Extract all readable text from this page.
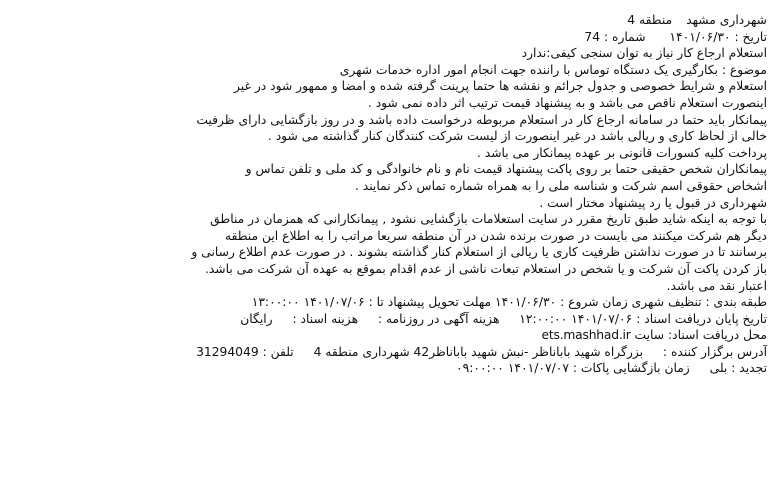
شهرداری مشهد
منطقه 4
تاریخ : ۱۴۰۱/۰۶/۳۰  شماره : 74
استعلام ارجاع کار نیاز به توان سنجی کیفی:ندارد
موضوع : بکارگیری یک دستگاه توماس با راننده جهت انجام امور اداره خدمات شهری
استعلام و شرایط خصوصی و جدول جرائم و نقشه ها حتما پرینت گرفته شده و امضا و ممهور شود در غیر
اینصورت استعلام ناقص می باشد و به پیشنهاد قیمت ترتیب اثر داده نمی شود .
پیمانکار باید حتما در سامانه ارجاع کار در استعلام مربوطه درخواست داده باشد و در روز بازگشایی دارای ظرفیت
خالی از لحاظ کاری و ریالی باشد در غیر اینصورت از لیست شرکت کنندگان کنار گذاشته می شود .
پرداخت کلیه کسورات قانونی بر عهده پیمانکار می باشد .
پیمانکاران شخص حقیقی حتما بر روی پاکت پیشنهاد قیمت نام و نام خانوادگی و کد ملی و تلفن تماس و
اشخاص حقوقی اسم شرکت و شناسه ملی را به همراه شماره تماس ذکر نمایند .
شهرداری در قبول یا رد پیشنهاد مختار است .
با توجه به اینکه شاید طبق تاریخ مقرر در سایت استعلامات بازگشایی نشود , پیمانکارانی که همزمان در مناطق
دیگر هم شرکت میکنند می بایست در صورت برنده شدن در آن منطقه سریعا مراتب را به اطلاع این منطقه
برسانند تا در صورت نداشتن ظرفیت کاری یا ریالی از استعلام کنار گذاشته بشوند . در صورت عدم اطلاع رسانی و
باز کردن پاکت آن شرکت و یا شخص در استعلام تبعات ناشی از عدم اقدام بموقع به عهده آن شرکت می باشد.
اعتبار نقد می باشد.
طبقه بندی : تنظیف شهری زمان شروع : ۱۴۰۱/۰۶/۳۰ مهلت تحویل پیشنهاد تا : ۱۴۰۱/۰۷/۰۶ ۱۳:۰۰:۰۰
تاریخ پایان دریافت اسناد : ۱۴۰۱/۰۷/۰۶ ۱۲:۰۰:۰۰  هزینه آگهی در روزنامه :  هزینه اسناد :  رایگان
محل دریافت اسناد: سایت ets.mashhad.ir
آدرس برگزار کننده :  بزرگراه شهید باباناظر -نبش شهید باباناظر42 شهرداری منطقه 4  تلفن : 31294049
تجدید : بلی  زمان بازگشایی پاکات : ۱۴۰۱/۰۷/۰۷ ۰۹:۰۰:۰۰
